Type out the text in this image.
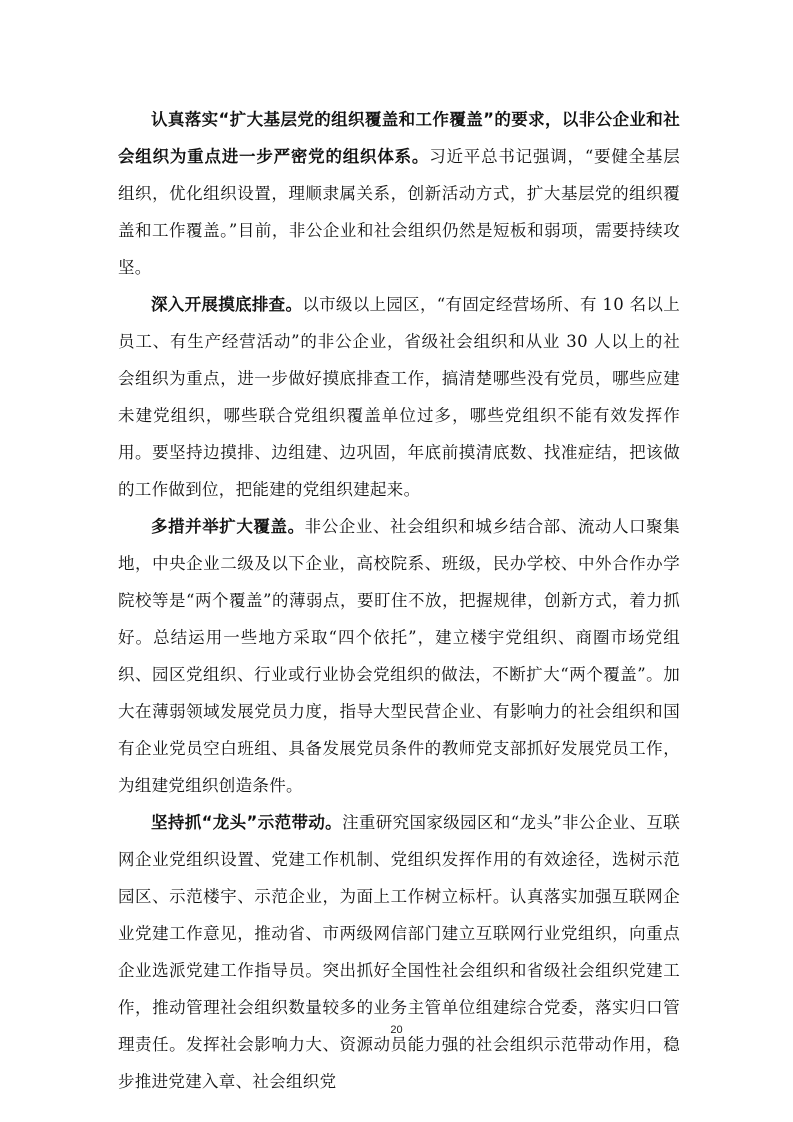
认真落实“扩大基层党的组织覆盖和工作覆盖”的要求，以非公企业和社会组织为重点进一步严密党的组织体系。习近平总书记强调，“要健全基层组织，优化组织设置，理顺隶属关系，创新活动方式，扩大基层党的组织覆盖和工作覆盖。”目前，非公企业和社会组织仍然是短板和弱项，需要持续攻坚。

深入开展摸底排查。以市级以上园区，“有固定经营场所、有 10 名以上员工、有生产经营活动”的非公企业，省级社会组织和从业 30 人以上的社会组织为重点，进一步做好摸底排查工作，搞清楚哪些没有党员，哪些应建未建党组织，哪些联合党组织覆盖单位过多，哪些党组织不能有效发挥作用。要坚持边摸排、边组建、边巩固，年底前摸清底数、找准症结，把该做的工作做到位，把能建的党组织建起来。

多措并举扩大覆盖。非公企业、社会组织和城乡结合部、流动人口聚集地，中央企业二级及以下企业，高校院系、班级，民办学校、中外合作办学院校等是“两个覆盖”的薄弱点，要盯住不放，把握规律，创新方式，着力抓好。总结运用一些地方采取“四个依托”，建立楼宇党组织、商圈市场党组织、园区党组织、行业或行业协会党组织的做法，不断扩大“两个覆盖”。加大在薄弱领域发展党员力度，指导大型民营企业、有影响力的社会组织和国有企业党员空白班组、具备发展党员条件的教师党支部抓好发展党员工作，为组建党组织创造条件。

坚持抓“龙头”示范带动。注重研究国家级园区和“龙头”非公企业、互联网企业党组织设置、党建工作机制、党组织发挥作用的有效途径，选树示范园区、示范楼宇、示范企业，为面上工作树立标杆。认真落实加强互联网企业党建工作意见，推动省、市两级网信部门建立互联网行业党组织，向重点企业选派党建工作指导员。突出抓好全国性社会组织和省级社会组织党建工作，推动管理社会组织数量较多的业务主管单位组建综合党委，落实归口管理责任。发挥社会影响力大、资源动员能力强的社会组织示范带动作用，稳步推进党建入章、社会组织党

20
